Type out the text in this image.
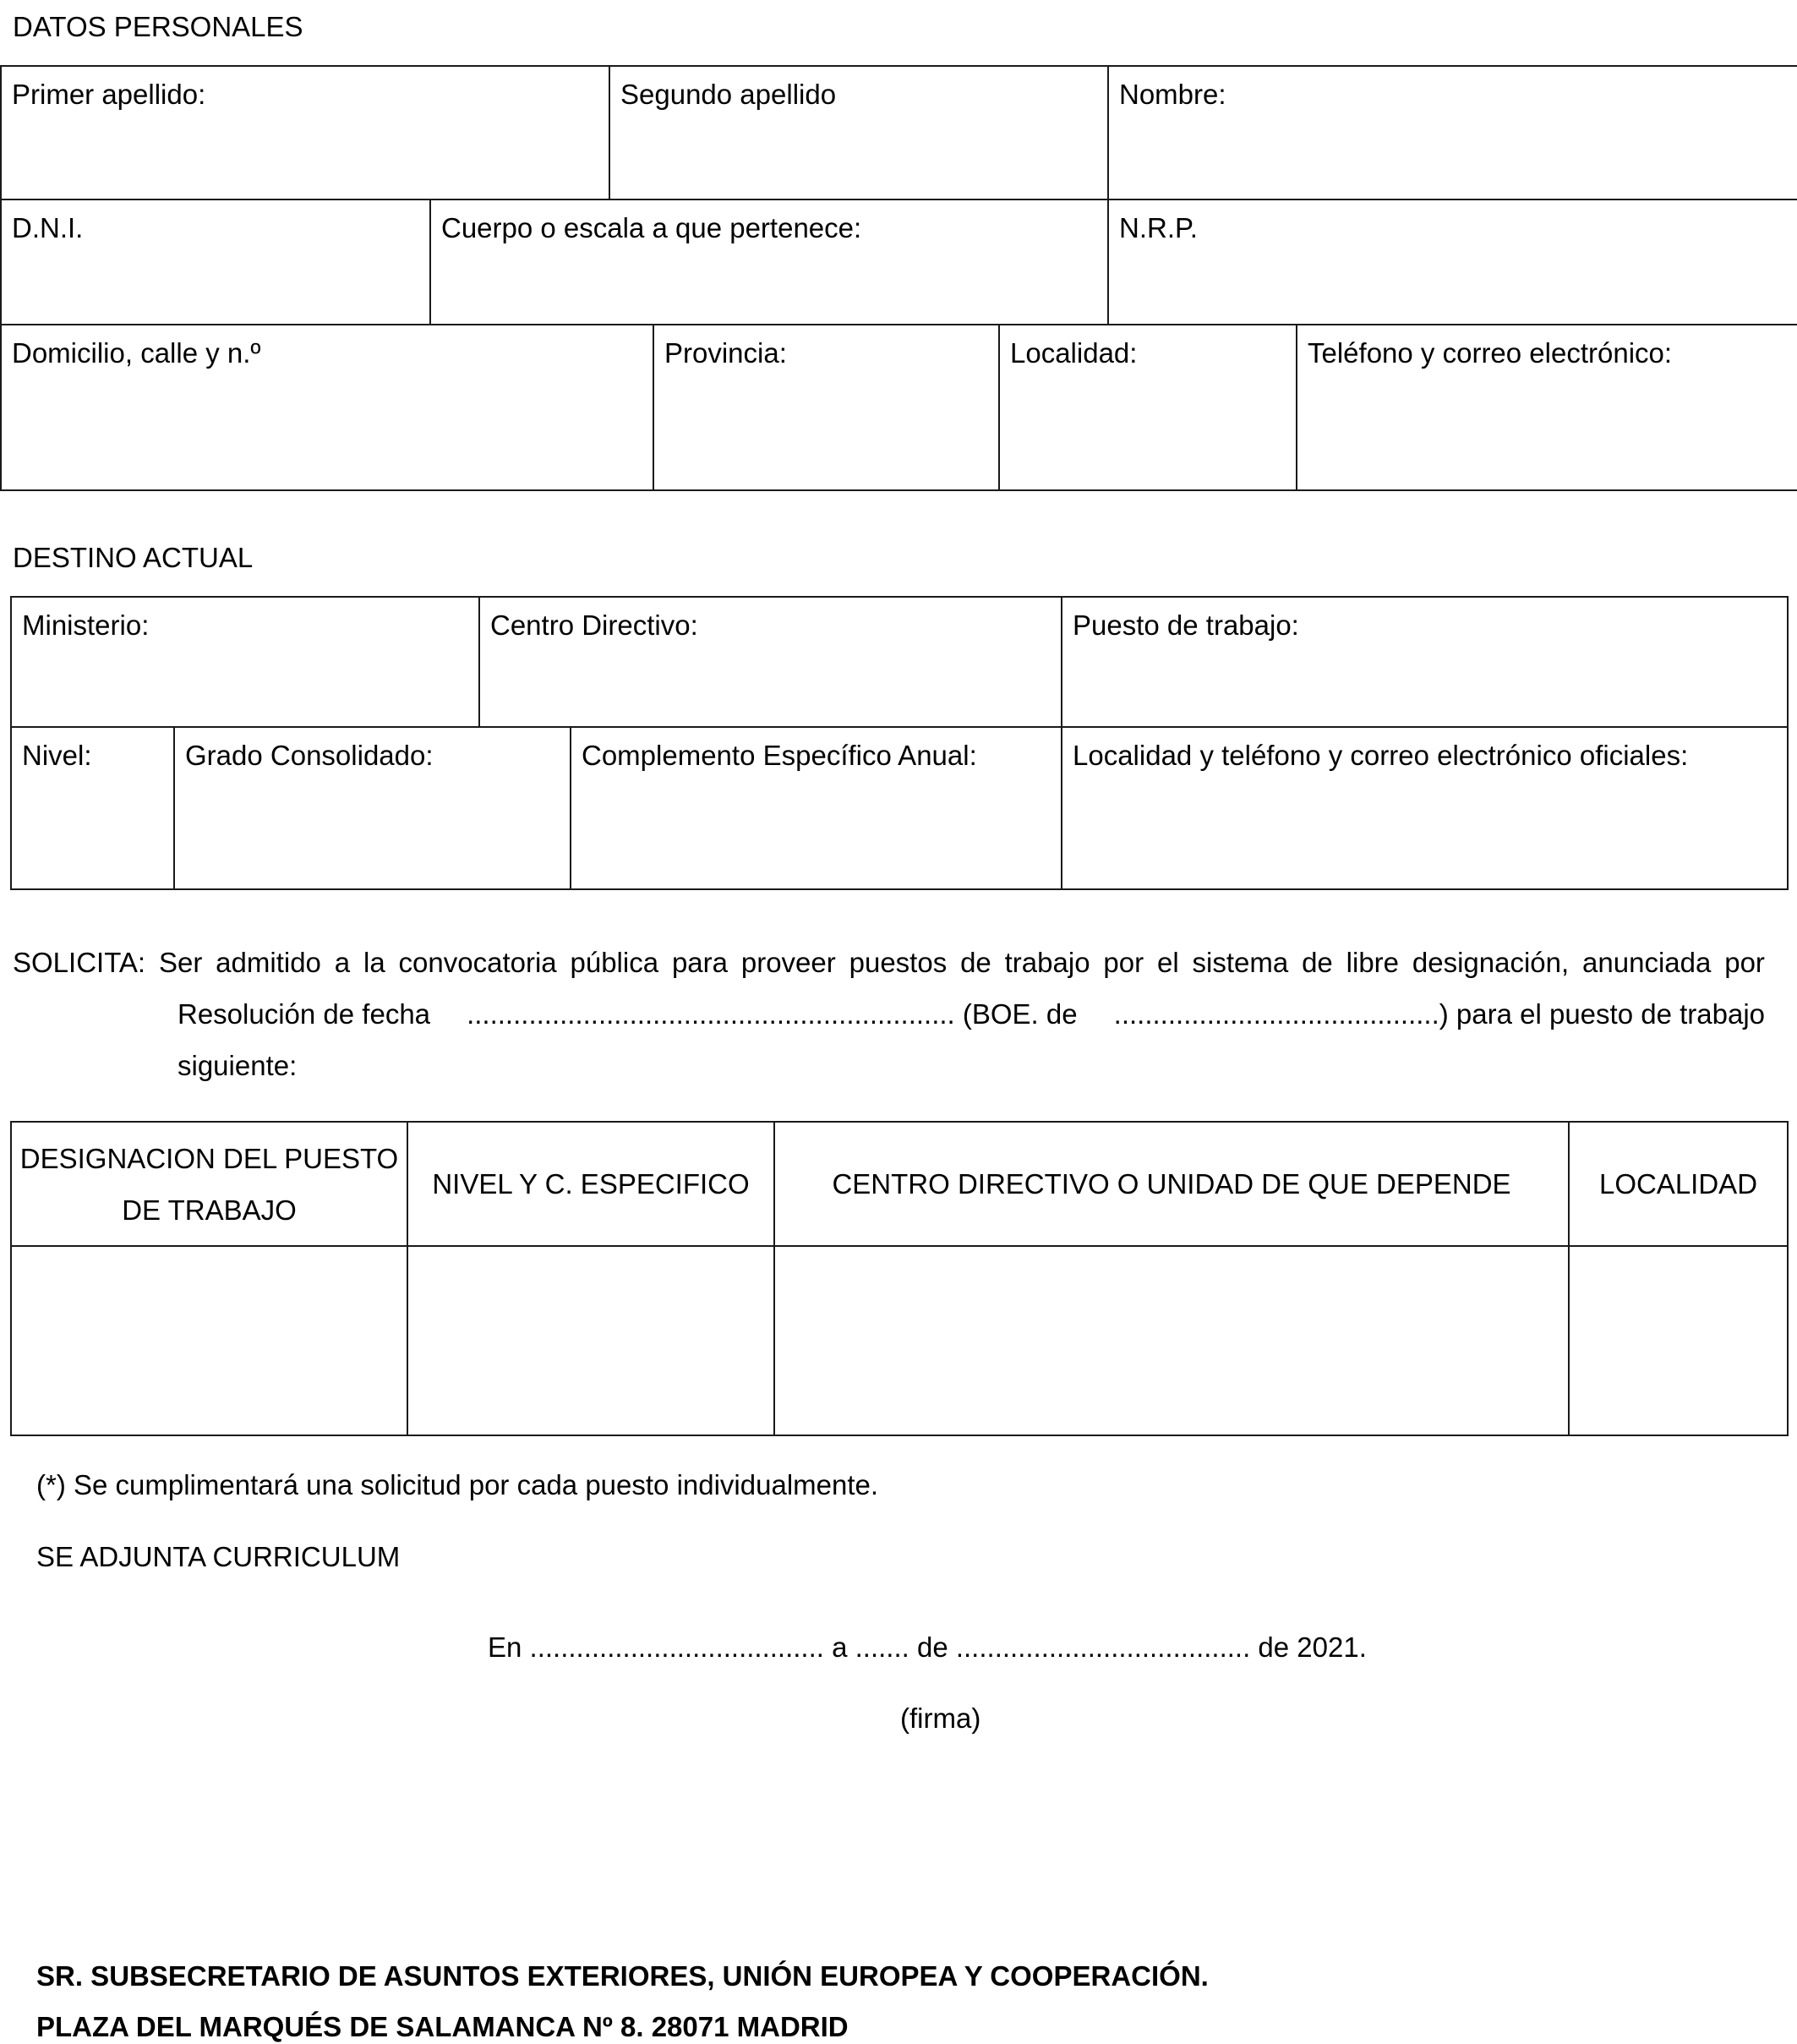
DATOS PERSONALES
Primer apellido:	Segundo apellido	Nombre:
D.N.I.	Cuerpo o escala a que pertenece:	N.R.P.
Domicilio, calle y n.º	Provincia:	Localidad:	Teléfono y correo electrónico:
DESTINO ACTUAL
Ministerio:	Centro Directivo:	Puesto de trabajo:
Nivel:	Grado Consolidado:	Complemento Específico Anual:	Localidad y teléfono y correo electrónico oficiales:
SOLICITA: Ser admitido a la convocatoria pública para proveer puestos de trabajo por el sistema de libre designación, anunciada por
Resolución de fecha ............................................................... (BOE. de ..........................................) para el puesto de trabajo
siguiente:
DESIGNACION DEL PUESTO DE TRABAJO	NIVEL Y C. ESPECIFICO	CENTRO DIRECTIVO O UNIDAD DE QUE DEPENDE	LOCALIDAD

(*) Se cumplimentará una solicitud por cada puesto individualmente.
SE ADJUNTA CURRICULUM
En ...................................... a ....... de ...................................... de 2021.
(firma)
SR. SUBSECRETARIO DE ASUNTOS EXTERIORES, UNIÓN EUROPEA Y COOPERACIÓN.
PLAZA DEL MARQUÉS DE SALAMANCA Nº 8. 28071 MADRID
